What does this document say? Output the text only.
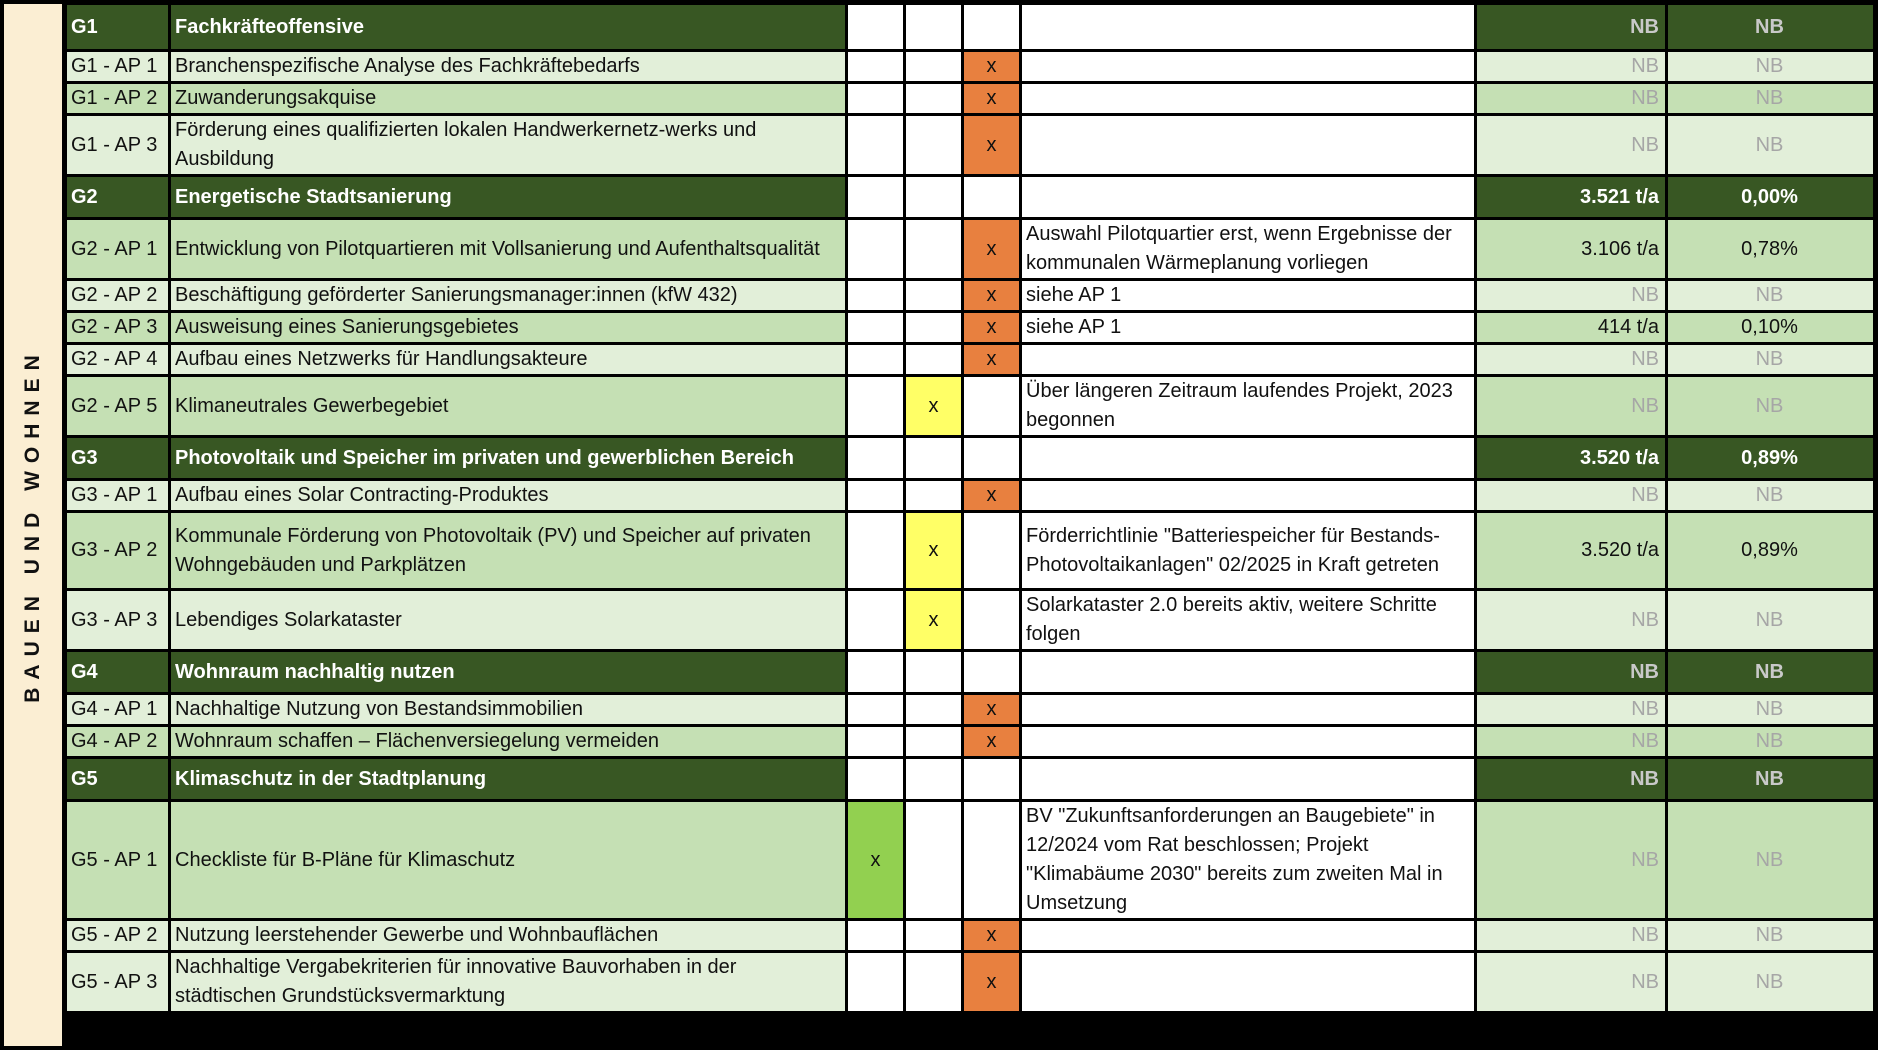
BAUEN UND WOHNEN
G1	Fachkräfteoffensive					NB	NB
G1 - AP 1	Branchenspezifische Analyse des Fachkräftebedarfs			x		NB	NB
G1 - AP 2	Zuwanderungsakquise			x		NB	NB
G1 - AP 3	Förderung eines qualifizierten lokalen Handwerkernetz-werks und Ausbildung			x		NB	NB
G2	Energetische Stadtsanierung					3.521 t/a	0,00%
G2 - AP 1	Entwicklung von Pilotquartieren mit Vollsanierung und Aufenthaltsqualität			x	Auswahl Pilotquartier erst, wenn Ergebnisse der kommunalen Wärmeplanung vorliegen	3.106 t/a	0,78%
G2 - AP 2	Beschäftigung geförderter Sanierungsmanager:innen (kfW 432)			x	siehe AP 1	NB	NB
G2 - AP 3	Ausweisung eines Sanierungsgebietes			x	siehe AP 1	414 t/a	0,10%
G2 - AP 4	Aufbau eines Netzwerks für Handlungsakteure			x		NB	NB
G2 - AP 5	Klimaneutrales Gewerbegebiet		x		Über längeren Zeitraum laufendes Projekt, 2023 begonnen	NB	NB
G3	Photovoltaik und Speicher im privaten und gewerblichen Bereich					3.520 t/a	0,89%
G3 - AP 1	Aufbau eines Solar Contracting-Produktes			x		NB	NB
G3 - AP 2	Kommunale Förderung von Photovoltaik (PV) und Speicher auf privaten Wohngebäuden und Parkplätzen		x		Förderrichtlinie "Batteriespeicher für Bestands-Photovoltaikanlagen" 02/2025 in Kraft getreten	3.520 t/a	0,89%
G3 - AP 3	Lebendiges Solarkataster		x		Solarkataster 2.0 bereits aktiv, weitere Schritte folgen	NB	NB
G4	Wohnraum nachhaltig nutzen					NB	NB
G4 - AP 1	Nachhaltige Nutzung von Bestandsimmobilien			x		NB	NB
G4 - AP 2	Wohnraum schaffen – Flächenversiegelung vermeiden			x		NB	NB
G5	Klimaschutz in der Stadtplanung					NB	NB
G5 - AP 1	Checkliste für B-Pläne für Klimaschutz	x			BV "Zukunftsanforderungen an Baugebiete" in 12/2024 vom Rat beschlossen; Projekt "Klimabäume 2030" bereits zum zweiten Mal in Umsetzung	NB	NB
G5 - AP 2	Nutzung leerstehender Gewerbe und Wohnbauflächen			x		NB	NB
G5 - AP 3	Nachhaltige Vergabekriterien für innovative Bauvorhaben in der städtischen Grundstücksvermarktung			x		NB	NB
